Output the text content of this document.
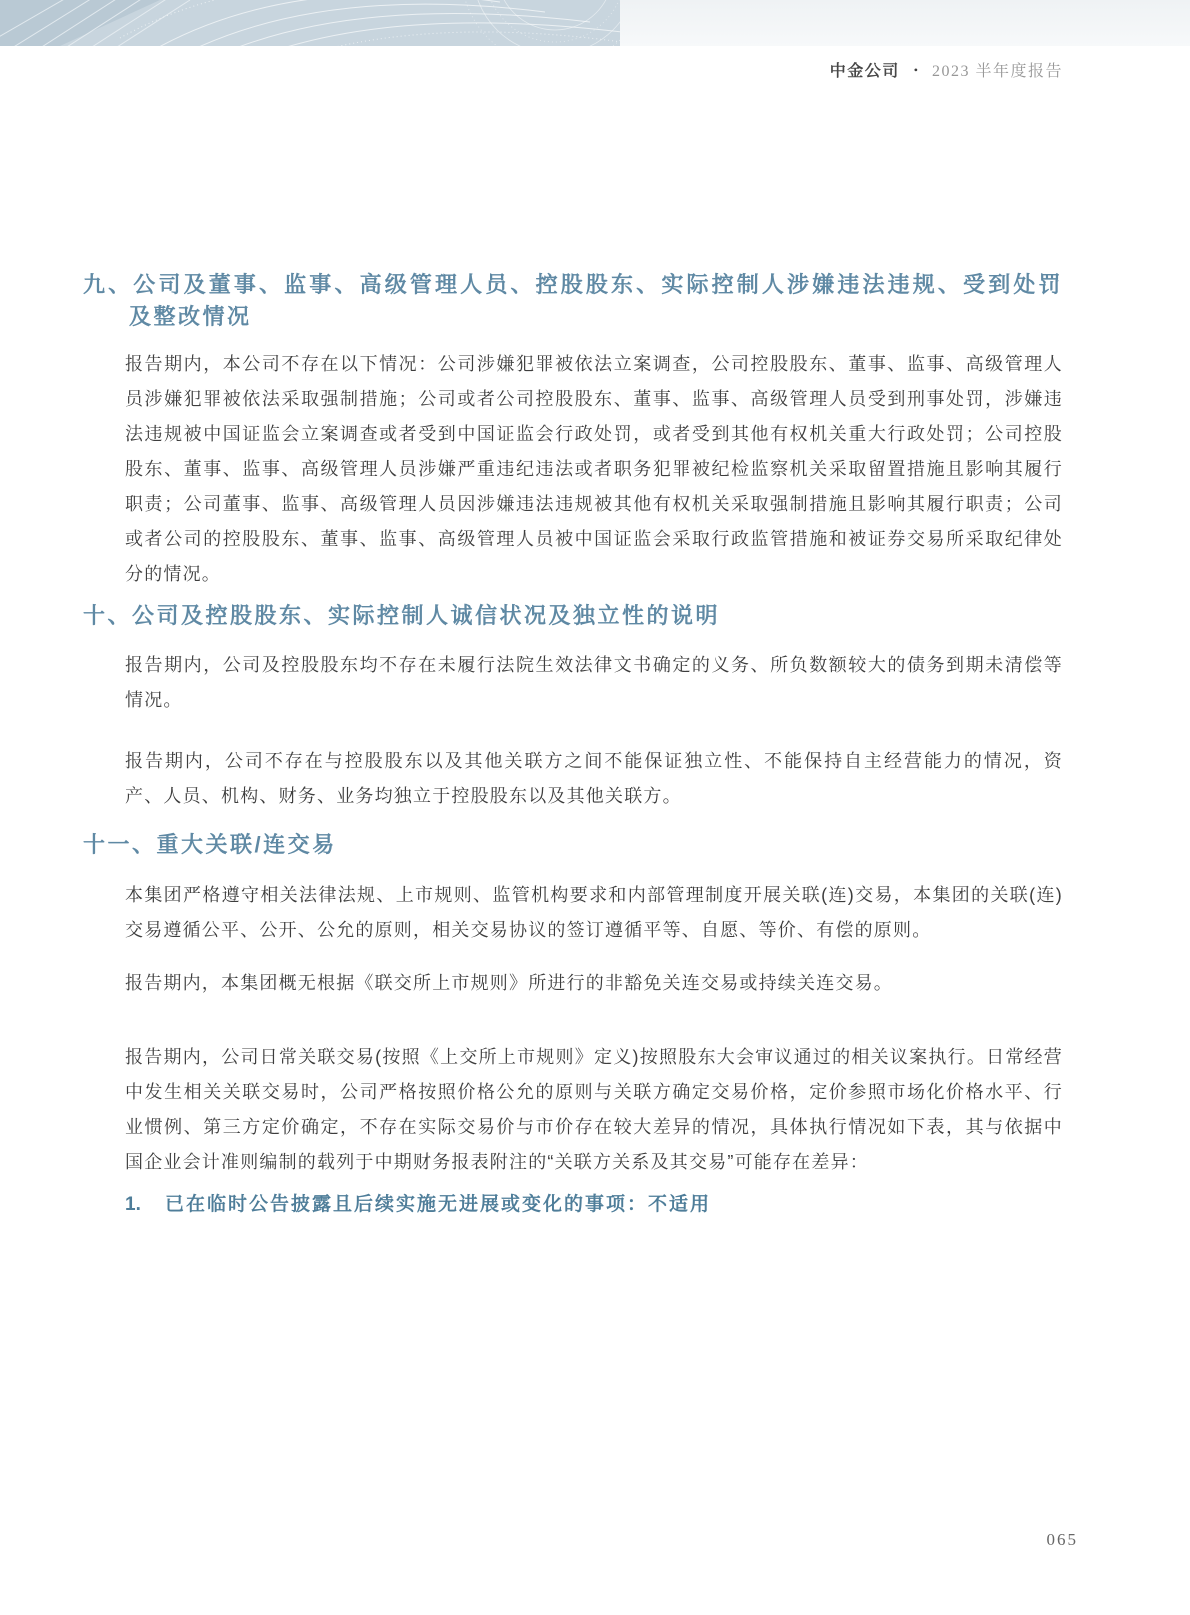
中金公司 • 2023 半年度报告
九、公司及董事、监事、高级管理人员、控股股东、实际控制人涉嫌违法违规、受到处罚及整改情况

报告期内，本公司不存在以下情况：公司涉嫌犯罪被依法立案调查，公司控股股东、董事、监事、高级管理人员涉嫌犯罪被依法采取强制措施；公司或者公司控股股东、董事、监事、高级管理人员受到刑事处罚，涉嫌违法违规被中国证监会立案调查或者受到中国证监会行政处罚，或者受到其他有权机关重大行政处罚；公司控股股东、董事、监事、高级管理人员涉嫌严重违纪违法或者职务犯罪被纪检监察机关采取留置措施且影响其履行职责；公司董事、监事、高级管理人员因涉嫌违法违规被其他有权机关采取强制措施且影响其履行职责；公司或者公司的控股股东、董事、监事、高级管理人员被中国证监会采取行政监管措施和被证券交易所采取纪律处分的情况。

十、公司及控股股东、实际控制人诚信状况及独立性的说明

报告期内，公司及控股股东均不存在未履行法院生效法律文书确定的义务、所负数额较大的债务到期未清偿等情况。

报告期内，公司不存在与控股股东以及其他关联方之间不能保证独立性、不能保持自主经营能力的情况，资产、人员、机构、财务、业务均独立于控股股东以及其他关联方。

十一、重大关联/连交易

本集团严格遵守相关法律法规、上市规则、监管机构要求和内部管理制度开展关联(连)交易，本集团的关联(连)交易遵循公平、公开、公允的原则，相关交易协议的签订遵循平等、自愿、等价、有偿的原则。

报告期内，本集团概无根据《联交所上市规则》所进行的非豁免关连交易或持续关连交易。

报告期内，公司日常关联交易(按照《上交所上市规则》定义)按照股东大会审议通过的相关议案执行。日常经营中发生相关关联交易时，公司严格按照价格公允的原则与关联方确定交易价格，定价参照市场化价格水平、行业惯例、第三方定价确定，不存在实际交易价与市价存在较大差异的情况，具体执行情况如下表，其与依据中国企业会计准则编制的载列于中期财务报表附注的“关联方关系及其交易”可能存在差异：

1. 已在临时公告披露且后续实施无进展或变化的事项：不适用
065
